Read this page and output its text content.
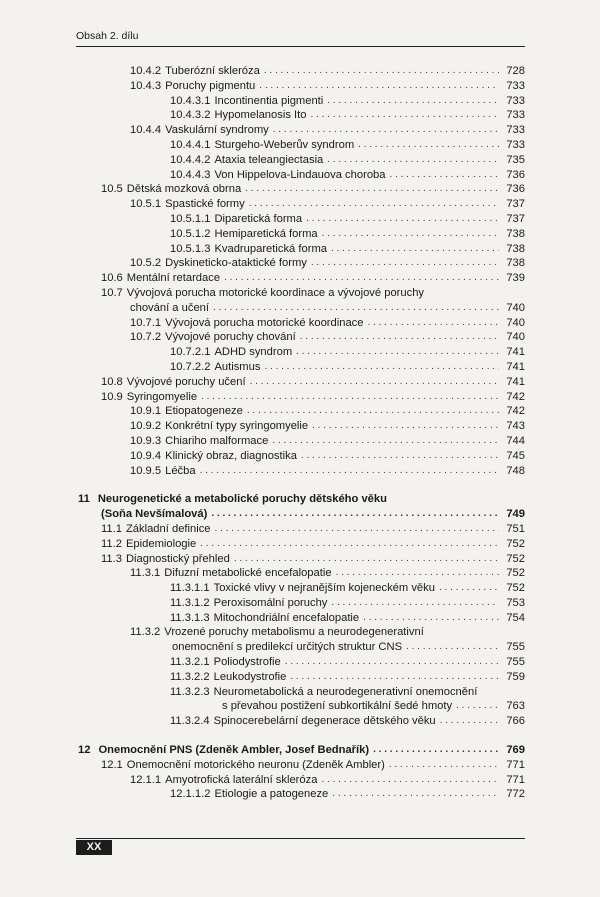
Obsah 2. dílu
10.4.2 Tuberózní skleróza . . .	728
10.4.3 Poruchy pigmentu . . .	733
10.4.3.1 Incontinentia pigmenti . . .	733
10.4.3.2 Hypomelanosis Ito . . .	733
10.4.4 Vaskulární syndromy . . .	733
10.4.4.1 Sturgeho-Weberův syndrom . . .	733
10.4.4.2 Ataxia teleangiectasia . . .	735
10.4.4.3 Von Hippelova-Lindauova choroba . . .	736
10.5 Dětská mozková obrna . . .	736
10.5.1 Spastické formy . . .	737
10.5.1.1 Diparetická forma . . .	737
10.5.1.2 Hemiparetická forma . . .	738
10.5.1.3 Kvadruparetická forma . . .	738
10.5.2 Dyskineticko-ataktické formy . . .	738
10.6 Mentální retardace . . .	739
10.7 Vývojová porucha motorické koordinace a vývojové poruchy
chování a učení . . .	740
10.7.1 Vývojová porucha motorické koordinace . . .	740
10.7.2 Vývojové poruchy chování . . .	740
10.7.2.1 ADHD syndrom . . .	741
10.7.2.2 Autismus . . .	741
10.8 Vývojové poruchy učení . . .	741
10.9 Syringomyelie . . .	742
10.9.1 Etiopatogeneze . . .	742
10.9.2 Konkrétní typy syringomyelie . . .	743
10.9.3 Chiariho malformace . . .	744
10.9.4 Klinický obraz, diagnostika . . .	745
10.9.5 Léčba . . .	748
11 Neurogenetické a metabolické poruchy dětského věku
(Soňa Nevšímalová) . . .	749
11.1 Základní definice . . .	751
11.2 Epidemiologie . . .	752
11.3 Diagnostický přehled . . .	752
11.3.1 Difuzní metabolické encefalopatie . . .	752
11.3.1.1 Toxické vlivy v nejranějším kojeneckém věku . . .	752
11.3.1.2 Peroxisomální poruchy . . .	753
11.3.1.3 Mitochondriální encefalopatie . . .	754
11.3.2 Vrozené poruchy metabolismu a neurodegenerativní
onemocnění s predilekcí určitých struktur CNS . . .	755
11.3.2.1 Poliodystrofie . . .	755
11.3.2.2 Leukodystrofie . . .	759
11.3.2.3 Neurometabolická a neurodegenerativní onemocnění
s převahou postižení subkortikální šedé hmoty . . .	763
11.3.2.4 Spinocerebelární degenerace dětského věku . . .	766
12 Onemocnění PNS (Zdeněk Ambler, Josef Bednařík) . . .	769
12.1 Onemocnění motorického neuronu (Zdeněk Ambler) . . .	771
12.1.1 Amyotrofická laterální skleróza . . .	771
12.1.1.2 Etiologie a patogeneze . . .	772
XX
